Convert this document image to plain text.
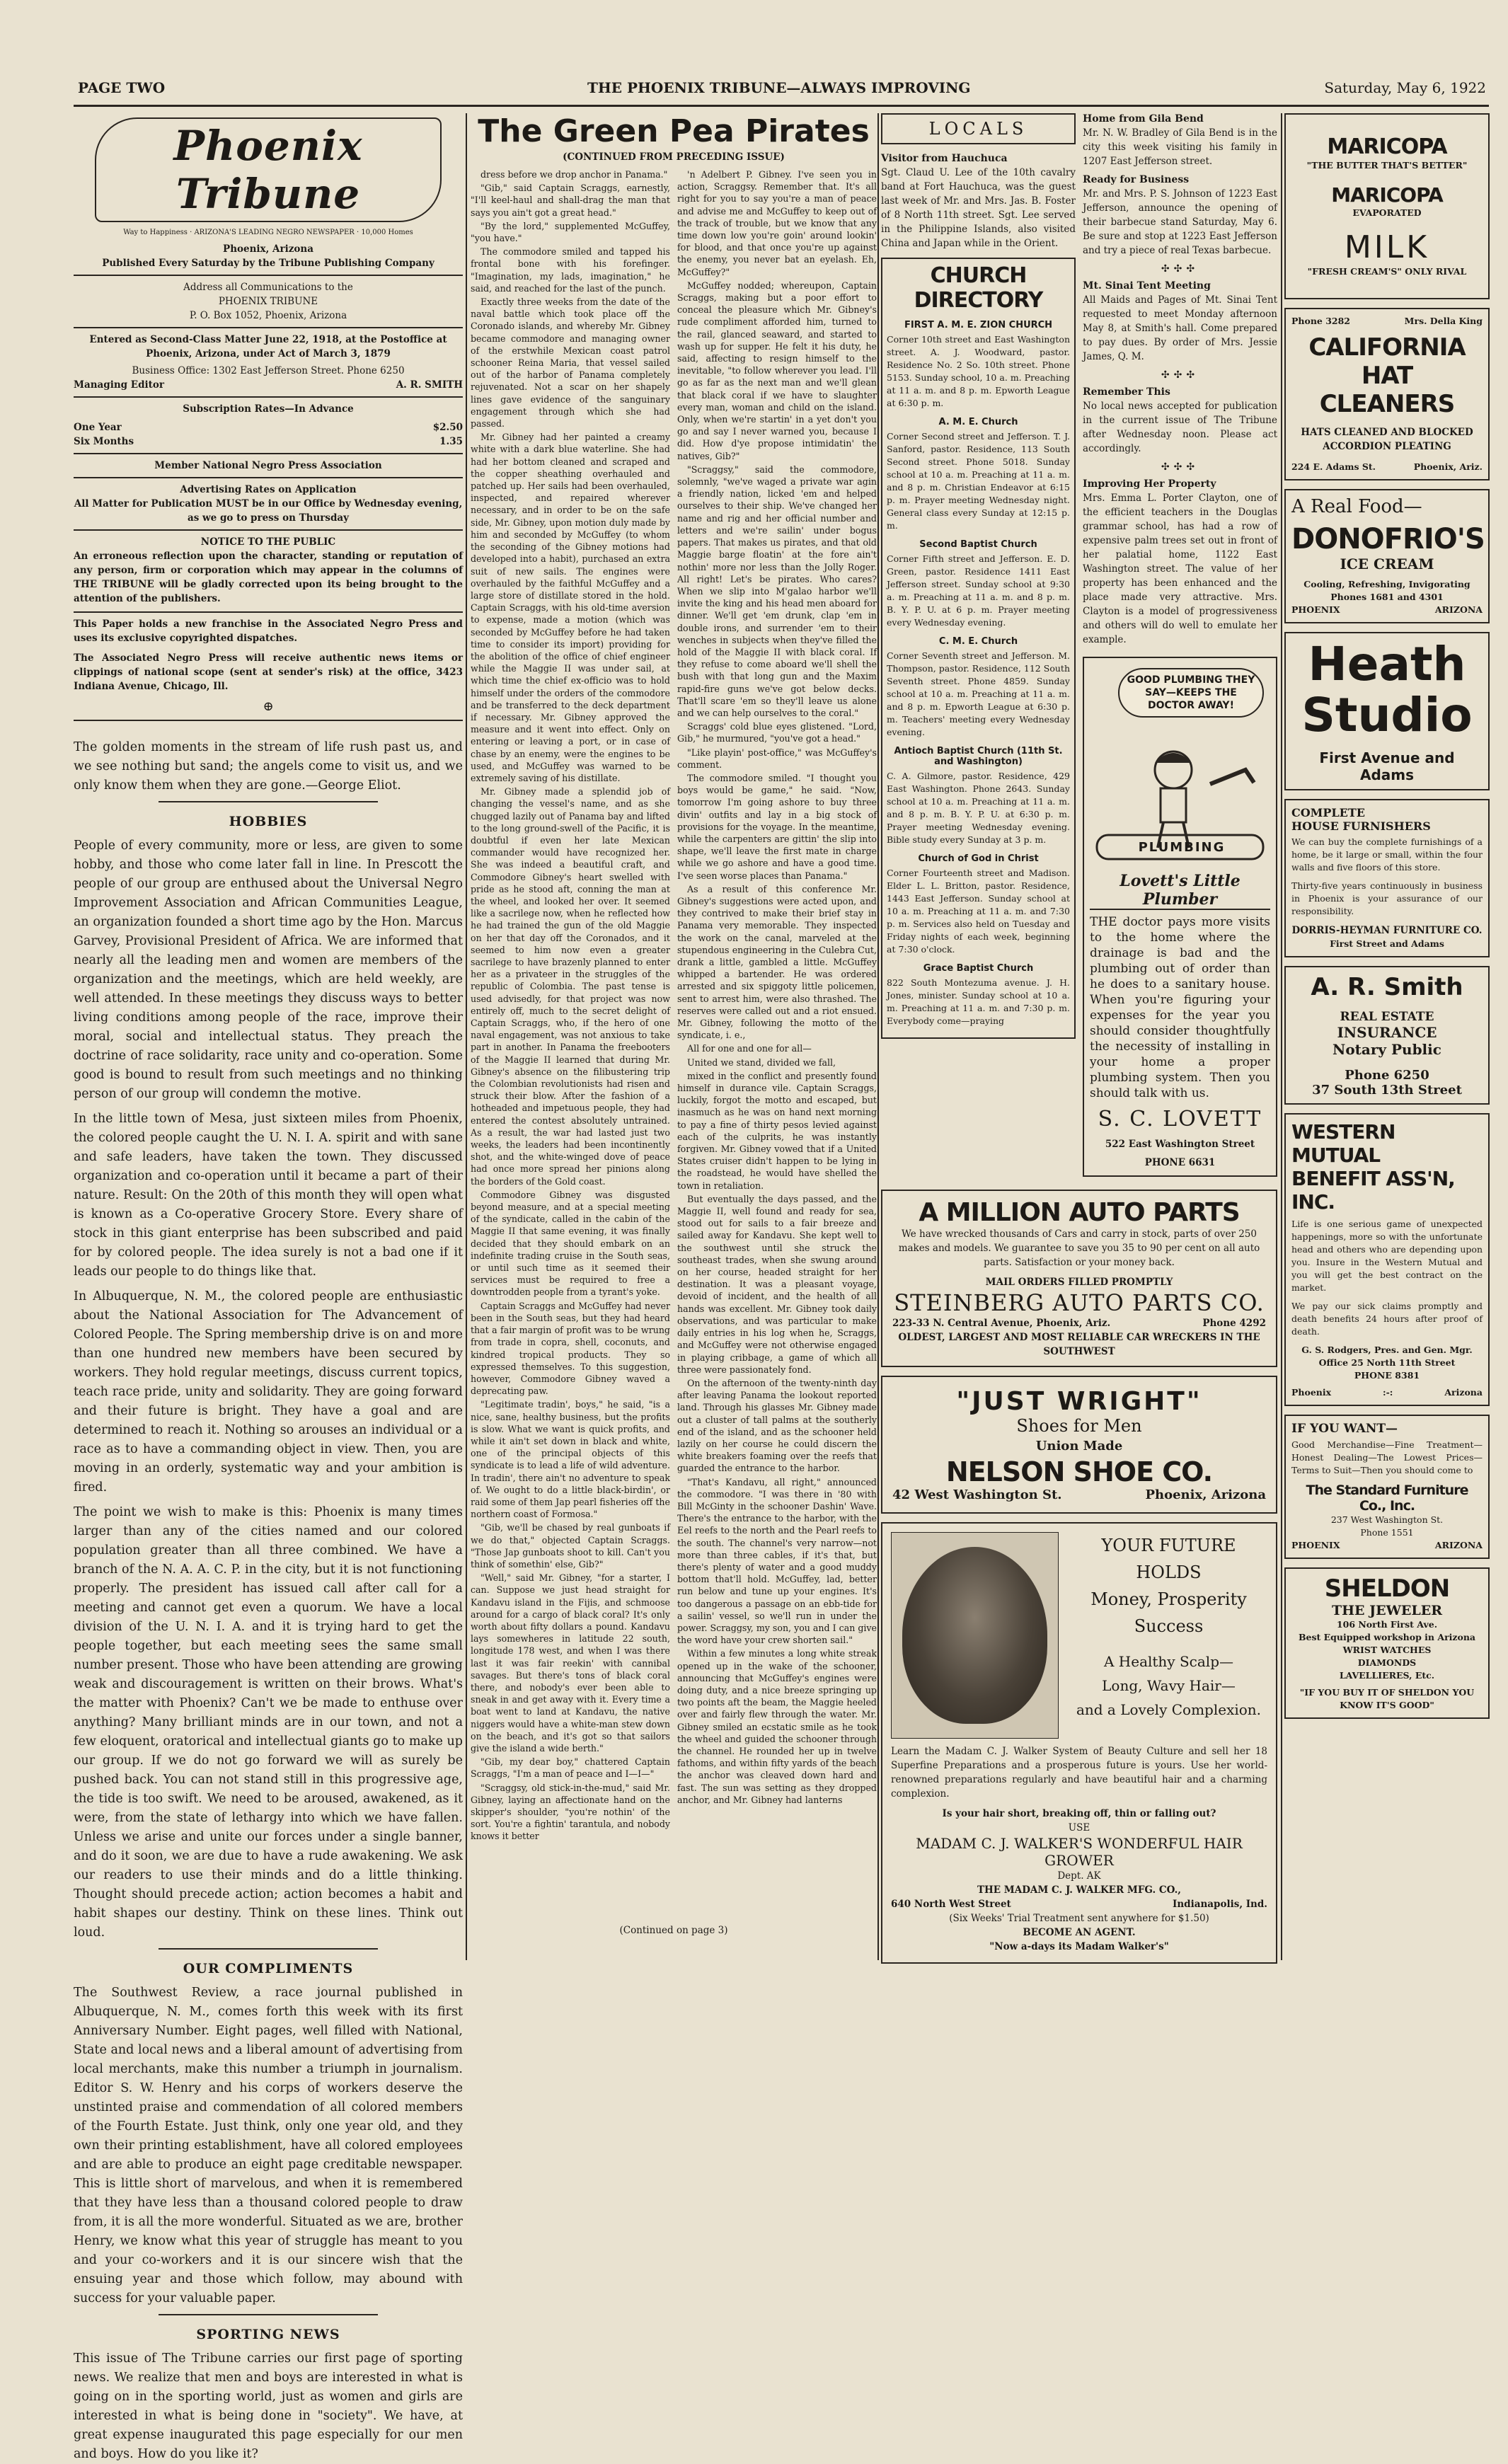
PAGE TWO	THE PHOENIX TRIBUNE—ALWAYS IMPROVING	Saturday, May 6, 1922
Phoenix Tribune
Way to Happiness · ARIZONA'S LEADING NEGRO NEWSPAPER · 10,000 Homes
Phoenix, Arizona
Published Every Saturday by the Tribune Publishing Company
Address all Communications to the
PHOENIX TRIBUNE
P. O. Box 1052, Phoenix, Arizona
Entered as Second-Class Matter June 22, 1918, at the Postoffice at Phoenix, Arizona, under Act of March 3, 1879
Business Office: 1302 East Jefferson Street. Phone 6250
Managing Editor	A. R. SMITH
Subscription Rates—In Advance
One Year	$2.50
Six Months	1.35
Member National Negro Press Association
Advertising Rates on Application
All Matter for Publication MUST be in our Office by Wednesday evening, as we go to press on Thursday
NOTICE TO THE PUBLIC

An erroneous reflection upon the character, standing or reputation of any person, firm or corporation which may appear in the columns of THE TRIBUNE will be gladly corrected upon its being brought to the attention of the publishers.

This Paper holds a new franchise in the Associated Negro Press and uses its exclusive copyrighted dispatches.

The Associated Negro Press will receive authentic news items or clippings of national scope (sent at sender's risk) at the office, 3423 Indiana Avenue, Chicago, Ill.

⊕

The golden moments in the stream of life rush past us, and we see nothing but sand; the angels come to visit us, and we only know them when they are gone.—George Eliot.

HOBBIES

People of every community, more or less, are given to some hobby, and those who come later fall in line. In Prescott the people of our group are enthused about the Universal Negro Improvement Association and African Communities League, an organization founded a short time ago by the Hon. Marcus Garvey, Provisional President of Africa. We are informed that nearly all the leading men and women are members of the organization and the meetings, which are held weekly, are well attended. In these meetings they discuss ways to better living conditions among people of the race, improve their moral, social and intellectual status. They preach the doctrine of race solidarity, race unity and co-operation. Some good is bound to result from such meetings and no thinking person of our group will condemn the motive.

In the little town of Mesa, just sixteen miles from Phoenix, the colored people caught the U. N. I. A. spirit and with sane and safe leaders, have taken the town. They discussed organization and co-operation until it became a part of their nature. Result: On the 20th of this month they will open what is known as a Co-operative Grocery Store. Every share of stock in this giant enterprise has been subscribed and paid for by colored people. The idea surely is not a bad one if it leads our people to do things like that.

In Albuquerque, N. M., the colored people are enthusiastic about the National Association for The Advancement of Colored People. The Spring membership drive is on and more than one hundred new members have been secured by workers. They hold regular meetings, discuss current topics, teach race pride, unity and solidarity. They are going forward and their future is bright. They have a goal and are determined to reach it. Nothing so arouses an individual or a race as to have a commanding object in view. Then, you are moving in an orderly, systematic way and your ambition is fired.

The point we wish to make is this: Phoenix is many times larger than any of the cities named and our colored population greater than all three combined. We have a branch of the N. A. A. C. P. in the city, but it is not functioning properly. The president has issued call after call for a meeting and cannot get even a quorum. We have a local division of the U. N. I. A. and it is trying hard to get the people together, but each meeting sees the same small number present. Those who have been attending are growing weak and discouragement is written on their brows. What's the matter with Phoenix? Can't we be made to enthuse over anything? Many brilliant minds are in our town, and not a few eloquent, oratorical and intellectual giants go to make up our group. If we do not go forward we will as surely be pushed back. You can not stand still in this progressive age, the tide is too swift. We need to be aroused, awakened, as it were, from the state of lethargy into which we have fallen. Unless we arise and unite our forces under a single banner, and do it soon, we are due to have a rude awakening. We ask our readers to use their minds and do a little thinking. Thought should precede action; action becomes a habit and habit shapes our destiny. Think on these lines. Think out loud.

OUR COMPLIMENTS

The Southwest Review, a race journal published in Albuquerque, N. M., comes forth this week with its first Anniversary Number. Eight pages, well filled with National, State and local news and a liberal amount of advertising from local merchants, make this number a triumph in journalism. Editor S. W. Henry and his corps of workers deserve the unstinted praise and commendation of all colored members of the Fourth Estate. Just think, only one year old, and they own their printing establishment, have all colored employees and are able to produce an eight page creditable newspaper. This is little short of marvelous, and when it is remembered that they have less than a thousand colored people to draw from, it is all the more wonderful. Situated as we are, brother Henry, we know what this year of struggle has meant to you and your co-workers and it is our sincere wish that the ensuing year and those which follow, may abound with success for your valuable paper.

SPORTING NEWS

This issue of The Tribune carries our first page of sporting news. We realize that men and boys are interested in what is going on in the sporting world, just as women and girls are interested in what is being done in "society". We have, at great expense inaugurated this page especially for our men and boys. How do you like it?

The Green Pea Pirates
(CONTINUED FROM PRECEDING ISSUE)

dress before we drop anchor in Panama."

"Gib," said Captain Scraggs, earnestly, "I'll keel-haul and shall-drag the man that says you ain't got a great head."

"By the lord," supplemented McGuffey, "you have."

The commodore smiled and tapped his frontal bone with his forefinger. "Imagination, my lads, imagination," he said, and reached for the last of the punch.

Exactly three weeks from the date of the naval battle which took place off the Coronado islands, and whereby Mr. Gibney became commodore and managing owner of the erstwhile Mexican coast patrol schooner Reina Maria, that vessel sailed out of the harbor of Panama completely rejuvenated. Not a scar on her shapely lines gave evidence of the sanguinary engagement through which she had passed.

Mr. Gibney had her painted a creamy white with a dark blue waterline. She had had her bottom cleaned and scraped and the copper sheathing overhauled and patched up. Her sails had been overhauled, inspected, and repaired wherever necessary, and in order to be on the safe side, Mr. Gibney, upon motion duly made by him and seconded by McGuffey (to whom the seconding of the Gibney motions had developed into a habit), purchased an extra suit of new sails. The engines were overhauled by the faithful McGuffey and a large store of distillate stored in the hold. Captain Scraggs, with his old-time aversion to expense, made a motion (which was seconded by McGuffey before he had taken time to consider its import) providing for the abolition of the office of chief engineer while the Maggie II was under sail, at which time the chief ex-officio was to hold himself under the orders of the commodore and be transferred to the deck department if necessary. Mr. Gibney approved the measure and it went into effect. Only on entering or leaving a port, or in case of chase by an enemy, were the engines to be used, and McGuffey was warned to be extremely saving of his distillate.

Mr. Gibney made a splendid job of changing the vessel's name, and as she chugged lazily out of Panama bay and lifted to the long ground-swell of the Pacific, it is doubtful if even her late Mexican commander would have recognized her. She was indeed a beautiful craft, and Commodore Gibney's heart swelled with pride as he stood aft, conning the man at the wheel, and looked her over. It seemed like a sacrilege now, when he reflected how he had trained the gun of the old Maggie on her that day off the Coronados, and it seemed to him now even a greater sacrilege to have brazenly planned to enter her as a privateer in the struggles of the republic of Colombia. The past tense is used advisedly, for that project was now entirely off, much to the secret delight of Captain Scraggs, who, if the hero of one naval engagement, was not anxious to take part in another. In Panama the freebooters of the Maggie II learned that during Mr. Gibney's absence on the filibustering trip the Colombian revolutionists had risen and struck their blow. After the fashion of a hotheaded and impetuous people, they had entered the contest absolutely untrained. As a result, the war had lasted just two weeks, the leaders had been incontinently shot, and the white-winged dove of peace had once more spread her pinions along the borders of the Gold coast.

Commodore Gibney was disgusted beyond measure, and at a special meeting of the syndicate, called in the cabin of the Maggie II that same evening, it was finally decided that they should embark on an indefinite trading cruise in the South seas, or until such time as it seemed their services must be required to free a downtrodden people from a tyrant's yoke.

Captain Scraggs and McGuffey had never been in the South seas, but they had heard that a fair margin of profit was to be wrung from trade in copra, shell, coconuts, and kindred tropical products. They so expressed themselves. To this suggestion, however, Commodore Gibney waved a deprecating paw.

"Legitimate tradin', boys," he said, "is a nice, sane, healthy business, but the profits is slow. What we want is quick profits, and while it ain't set down in black and white, one of the principal objects of this syndicate is to lead a life of wild adventure. In tradin', there ain't no adventure to speak of. We ought to do a little black-birdin', or raid some of them Jap pearl fisheries off the northern coast of Formosa."

"Gib, we'll be chased by real gunboats if we do that," objected Captain Scraggs. "Those Jap gunboats shoot to kill. Can't you think of somethin' else, Gib?"

"Well," said Mr. Gibney, "for a starter, I can. Suppose we just head straight for Kandavu island in the Fijis, and schmoose around for a cargo of black coral? It's only worth about fifty dollars a pound. Kandavu lays somewheres in latitude 22 south, longitude 178 west, and when I was there last it was fair reekin' with cannibal savages. But there's tons of black coral there, and nobody's ever been able to sneak in and get away with it. Every time a boat went to land at Kandavu, the native niggers would have a white-man stew down on the beach, and it's got so that sailors give the island a wide berth."

"Gib, my dear boy," chattered Captain Scraggs, "I'm a man of peace and I—I—"

"Scraggsy, old stick-in-the-mud," said Mr. Gibney, laying an affectionate hand on the skipper's shoulder, "you're nothin' of the sort. You're a fightin' tarantula, and nobody knows it better

'n Adelbert P. Gibney. I've seen you in action, Scraggsy. Remember that. It's all right for you to say you're a man of peace and advise me and McGuffey to keep out of the track of trouble, but we know that any time down low you're goin' around lookin' for blood, and that once you're up against the enemy, you never bat an eyelash. Eh, McGuffey?"

McGuffey nodded; whereupon, Captain Scraggs, making but a poor effort to conceal the pleasure which Mr. Gibney's rude compliment afforded him, turned to the rail, glanced seaward, and started to wash up for supper. He felt it his duty, he said, affecting to resign himself to the inevitable, "to follow wherever you lead. I'll go as far as the next man and we'll glean that black coral if we have to slaughter every man, woman and child on the island. Only, when we're startin' in a yet don't you go and say I never warned you, because I did. How d'ye propose intimidatin' the natives, Gib?"

"Scraggsy," said the commodore, solemnly, "we've waged a private war agin a friendly nation, licked 'em and helped ourselves to their ship. We've changed her name and rig and her official number and letters and we're sailin' under bogus papers. That makes us pirates, and that old Maggie barge floatin' at the fore ain't nothin' more nor less than the Jolly Roger. All right! Let's be pirates. Who cares? When we slip into M'galao harbor we'll invite the king and his head men aboard for dinner. We'll get 'em drunk, clap 'em in double irons, and surrender 'em to their wenches in subjects when they've filled the hold of the Maggie II with black coral. If they refuse to come aboard we'll shell the bush with that long gun and the Maxim rapid-fire guns we've got below decks. That'll scare 'em so they'll leave us alone and we can help ourselves to the coral."

Scraggs' cold blue eyes glistened. "Lord, Gib," he murmured, "you've got a head."

"Like playin' post-office," was McGuffey's comment.

The commodore smiled. "I thought you boys would be game," he said. "Now, tomorrow I'm going ashore to buy three divin' outfits and lay in a big stock of provisions for the voyage. In the meantime, while the carpenters are gittin' the slip into shape, we'll leave the first mate in charge while we go ashore and have a good time. I've seen worse places than Panama."

As a result of this conference Mr. Gibney's suggestions were acted upon, and they contrived to make their brief stay in Panama very memorable. They inspected the work on the canal, marveled at the stupendous engineering in the Culebra Cut, drank a little, gambled a little. McGuffey whipped a bartender. He was ordered arrested and six spiggoty little policemen, sent to arrest him, were also thrashed. The reserves were called out and a riot ensued. Mr. Gibney, following the motto of the syndicate, i. e.,

All for one and one for all—

United we stand, divided we fall,

mixed in the conflict and presently found himself in durance vile. Captain Scraggs, luckily, forgot the motto and escaped, but inasmuch as he was on hand next morning to pay a fine of thirty pesos levied against each of the culprits, he was instantly forgiven. Mr. Gibney vowed that if a United States cruiser didn't happen to be lying in the roadstead, he would have shelled the town in retaliation.

But eventually the days passed, and the Maggie II, well found and ready for sea, stood out for sails to a fair breeze and sailed away for Kandavu. She kept well to the southwest until she struck the southeast trades, when she swung around on her course, headed straight for her destination. It was a pleasant voyage, devoid of incident, and the health of all hands was excellent. Mr. Gibney took daily observations, and was particular to make daily entries in his log when he, Scraggs, and McGuffey were not otherwise engaged in playing cribbage, a game of which all three were passionately fond.

On the afternoon of the twenty-ninth day after leaving Panama the lookout reported land. Through his glasses Mr. Gibney made out a cluster of tall palms at the southerly end of the island, and as the schooner held lazily on her course he could discern the white breakers foaming over the reefs that guarded the entrance to the harbor.

"That's Kandavu, all right," announced the commodore. "I was there in '80 with Bill McGinty in the schooner Dashin' Wave. There's the entrance to the harbor, with the Eel reefs to the north and the Pearl reefs to the south. The channel's very narrow—not more than three cables, if it's that, but there's plenty of water and a good muddy bottom that'll hold. McGuffey, lad, better run below and tune up your engines. It's too dangerous a passage on an ebb-tide for a sailin' vessel, so we'll run in under the power. Scraggsy, my son, you and I can give the word have your crew shorten sail."

Within a few minutes a long white streak opened up in the wake of the schooner, announcing that McGuffey's engines were doing duty, and a nice breeze springing up two points aft the beam, the Maggie heeled over and fairly flew through the water. Mr. Gibney smiled an ecstatic smile as he took the wheel and guided the schooner through the channel. He rounded her up in twelve fathoms, and within fifty yards of the beach the anchor was cleaved down hard and fast. The sun was setting as they dropped anchor, and Mr. Gibney had lanterns

(Continued on page 3)
LOCALS
Visitor from Hauchuca

Sgt. Claud U. Lee of the 10th cavalry band at Fort Hauchuca, was the guest last week of Mr. and Mrs. Jas. B. Foster of 8 North 11th street. Sgt. Lee served in the Philippine Islands, also visited China and Japan while in the Orient.

CHURCH DIRECTORY
FIRST A. M. E. ZION CHURCH

Corner 10th street and East Washington street. A. J. Woodward, pastor. Residence No. 2 So. 10th street. Phone 5153. Sunday school, 10 a. m. Preaching at 11 a. m. and 8 p. m. Epworth League at 6:30 p. m.

A. M. E. Church

Corner Second street and Jefferson. T. J. Sanford, pastor. Residence, 113 South Second street. Phone 5018. Sunday school at 10 a. m. Preaching at 11 a. m. and 8 p. m. Christian Endeavor at 6:15 p. m. Prayer meeting Wednesday night. General class every Sunday at 12:15 p. m.

Second Baptist Church

Corner Fifth street and Jefferson. E. D. Green, pastor. Residence 1411 East Jefferson street. Sunday school at 9:30 a. m. Preaching at 11 a. m. and 8 p. m. B. Y. P. U. at 6 p. m. Prayer meeting every Wednesday evening.

C. M. E. Church

Corner Seventh street and Jefferson. M. Thompson, pastor. Residence, 112 South Seventh street. Phone 4859. Sunday school at 10 a. m. Preaching at 11 a. m. and 8 p. m. Epworth League at 6:30 p. m. Teachers' meeting every Wednesday evening.

Antioch Baptist Church (11th St. and Washington)

C. A. Gilmore, pastor. Residence, 429 East Washington. Phone 2643. Sunday school at 10 a. m. Preaching at 11 a. m. and 8 p. m. B. Y. P. U. at 6:30 p. m. Prayer meeting Wednesday evening. Bible study every Sunday at 3 p. m.

Church of God in Christ

Corner Fourteenth street and Madison. Elder L. L. Britton, pastor. Residence, 1443 East Jefferson. Sunday school at 10 a. m. Preaching at 11 a. m. and 7:30 p. m. Services also held on Tuesday and Friday nights of each week, beginning at 7:30 o'clock.

Grace Baptist Church

822 South Montezuma avenue. J. H. Jones, minister. Sunday school at 10 a. m. Preaching at 11 a. m. and 7:30 p. m. Everybody come—praying

Home from Gila Bend

Mr. N. W. Bradley of Gila Bend is in the city this week visiting his family in 1207 East Jefferson street.

Ready for Business

Mr. and Mrs. P. S. Johnson of 1223 East Jefferson, announce the opening of their barbecue stand Saturday, May 6. Be sure and stop at 1223 East Jefferson and try a piece of real Texas barbecue.

✣✣✣
Mt. Sinai Tent Meeting

All Maids and Pages of Mt. Sinai Tent requested to meet Monday afternoon May 8, at Smith's hall. Come prepared to pay dues. By order of Mrs. Jessie James, Q. M.

✣✣✣
Remember This

No local news accepted for publication in the current issue of The Tribune after Wednesday noon. Please act accordingly.

✣✣✣
Improving Her Property

Mrs. Emma L. Porter Clayton, one of the efficient teachers in the Douglas grammar school, has had a row of expensive palm trees set out in front of her palatial home, 1122 East Washington street. The value of her property has been enhanced and the place made very attractive. Mrs. Clayton is a model of progressiveness and others will do well to emulate her example.

GOOD PLUMBING THEY SAY—KEEPS THE DOCTOR AWAY!
PLUMBING
Lovett's Little Plumber

THE doctor pays more visits to the home where the drainage is bad and the plumbing out of order than he does to a sanitary house. When you're figuring your expenses for the year you should consider thoughtfully the necessity of installing in your home a proper plumbing system. Then you should talk with us.

S. C. LOVETT
522 East Washington Street
PHONE 6631
A MILLION AUTO PARTS

We have wrecked thousands of Cars and carry in stock, parts of over 250 makes and models. We guarantee to save you 35 to 90 per cent on all auto parts. Satisfaction or your money back.

MAIL ORDERS FILLED PROMPTLY
STEINBERG AUTO PARTS CO.
223-33 N. Central Avenue, Phoenix, Ariz.	Phone 4292
OLDEST, LARGEST AND MOST RELIABLE CAR WRECKERS IN THE SOUTHWEST
"JUST WRIGHT"
Shoes for Men
Union Made
NELSON SHOE CO.
42 West Washington St.	Phoenix, Arizona
YOUR FUTURE
HOLDS
Money, Prosperity
Success
A Healthy Scalp—
Long, Wavy Hair—
and a Lovely Complexion.

Learn the Madam C. J. Walker System of Beauty Culture and sell her 18 Superfine Preparations and a prosperous future is yours. Use her world-renowned preparations regularly and have beautiful hair and a charming complexion.

Is your hair short, breaking off, thin or falling out?
USE
MADAM C. J. WALKER'S WONDERFUL HAIR GROWER
Dept. AK
THE MADAM C. J. WALKER MFG. CO.,
640 North West Street	Indianapolis, Ind.
(Six Weeks' Trial Treatment sent anywhere for $1.50)
BECOME AN AGENT.
"Now a-days its Madam Walker's"
MARICOPA
"THE BUTTER THAT'S BETTER"
MARICOPA
EVAPORATED
MILK
"FRESH CREAM'S" ONLY RIVAL
Phone 3282	Mrs. Della King
CALIFORNIA
HAT CLEANERS
HATS CLEANED AND BLOCKED ACCORDION PLEATING
224 E. Adams St.	Phoenix, Ariz.
A Real Food—
DONOFRIO'S
ICE CREAM
Cooling, Refreshing, Invigorating
Phones 1681 and 4301
PHOENIX	ARIZONA
Heath
Studio
First Avenue and Adams
COMPLETE
HOUSE FURNISHERS

We can buy the complete furnishings of a home, be it large or small, within the four walls and five floors of this store.

Thirty-five years continuously in business in Phoenix is your assurance of our responsibility.

DORRIS-HEYMAN FURNITURE CO.
First Street and Adams
A. R. Smith
REAL ESTATE
INSURANCE
Notary Public
Phone 6250
37 South 13th Street
WESTERN MUTUAL
BENEFIT ASS'N, INC.

Life is one serious game of unexpected happenings, more so with the unfortunate head and others who are depending upon you. Insure in the Western Mutual and you will get the best contract on the market.

We pay our sick claims promptly and death benefits 24 hours after proof of death.

G. S. Rodgers, Pres. and Gen. Mgr.
Office 25 North 11th Street
PHONE 8381
Phoenix	:-:	Arizona
IF YOU WANT—

Good Merchandise—Fine Treatment—Honest Dealing—The Lowest Prices—Terms to Suit—Then you should come to

The Standard Furniture Co., Inc.
237 West Washington St.
Phone 1551
PHOENIX	ARIZONA
SHELDON
THE JEWELER
106 North First Ave.
Best Equipped workshop in Arizona
WRIST WATCHES
DIAMONDS
LAVELLIERES, Etc.
"IF YOU BUY IT OF SHELDON YOU KNOW IT'S GOOD"
